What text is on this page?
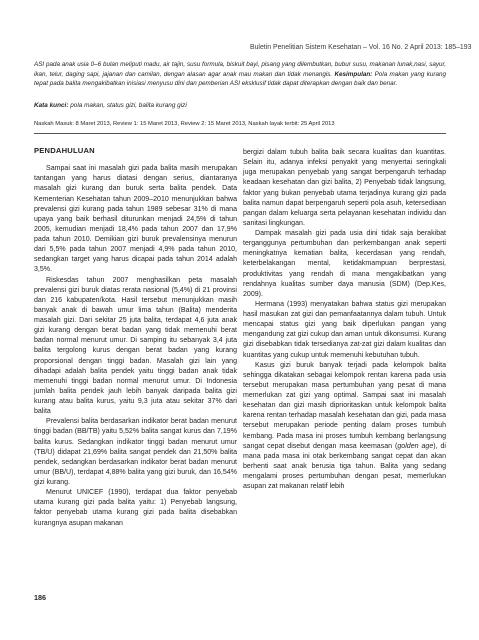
Buletin Penelitian Sistem Kesehatan – Vol. 16 No. 2 April 2013: 185–193

ASI pada anak usia 0–6 bulan meliputi madu, air tajin, susu formula, biskuit bayi, pisang yang dilembutkan, bubur susu, makanan lunak,nasi, sayur, ikan, telur, daging sapi, jajanan dan camilan, dengan alasan agar anak mau makan dan tidak menangis. Kesimpulan: Pola makan yang kurang tepat pada balita mengakibatkan inisiasi menyusu dini dan pemberian ASI eksklusif tidak dapat diterapkan dengan baik dan benar.

Kata kunci: pola makan, status gizi, balita kurang gizi
Naskah Masuk: 8 Maret 2013, Review 1: 15 Maret 2013, Review 2: 15 Maret 2013, Naskah layak terbit: 25 April 2013
PENDAHULUAN

Sampai saat ini masalah gizi pada balita masih merupakan tantangan yang harus diatasi dengan serius, diantaranya masalah gizi kurang dan buruk serta balita pendek. Data Kementerian Kesehatan tahun 2009–2010 menunjukkan bahwa prevalensi gizi kurang pada tahun 1989 sebesar 31% di mana upaya yang baik berhasil diturunkan menjadi 24,5% di tahun 2005, kemudian menjadi 18,4% pada tahun 2007 dan 17,9% pada tahun 2010. Demikian gizi buruk prevalensinya menurun dari 5,5% pada tahun 2007 menjadi 4,9% pada tahun 2010, sedangkan target yang harus dicapai pada tahun 2014 adalah 3,5%.

Riskesdas tahun 2007 menghasilkan peta masalah prevalensi gizi buruk diatas rerata nasional (5,4%) di 21 provinsi dan 216 kabupaten/kota. Hasil tersebut menunjukkan masih banyak anak di bawah umur lima tahun (Balita) menderita masalah gizi. Dari sekitar 25 juta balita, terdapat 4,6 juta anak gizi kurang dengan berat badan yang tidak memenuhi berat badan normal menurut umur. Di samping itu sebanyak 3,4 juta balita tergolong kurus dengan berat badan yang kurang proporsional dengan tinggi badan. Masalah gizi lain yang dihadapi adalah balita pendek yaitu tinggi badan anak tidak memenuhi tinggi badan normal menurut umur. Di Indonesia jumlah balita pendek jauh lebih banyak daripada balita gizi kurang atau balita kurus, yaitu 9,3 juta atau sekitar 37% dari balita

Prevalensi balita berdasarkan indikator berat badan menurut tinggi badan (BB/TB) yaitu 5,52% balita sangat kurus dan 7,19% balita kurus. Sedangkan indikator tinggi badan menurut umur (TB/U) didapat 21,69% balita sangat pendek dan 21,50% balita pendek, sedangkan berdasarkan indikator berat badan menurut umur (BB/U), terdapat 4,88% balita yang gizi buruk, dan 16,54% gizi kurang.

Menurut UNICEF (1990), terdapat dua faktor penyebab utama kurang gizi pada balita yaitu: 1) Penyebab langsung, faktor penyebab utama kurang gizi pada balita disebabkan kurangnya asupan makanan

bergizi dalam tubuh balita baik secara kualitas dan kuantitas. Selain itu, adanya infeksi penyakit yang menyertai seringkali juga merupakan penyebab yang sangat berpengaruh terhadap keadaan kesehatan dan gizi balita, 2) Penyebab tidak langsung, faktor yang bukan penyebab utama terjadinya kurang gizi pada balita namun dapat berpengaruh seperti pola asuh, ketersediaan pangan dalam keluarga serta pelayanan kesehatan individu dan sanitasi lingkungan.

Dampak masalah gizi pada usia dini tidak saja berakibat terganggunya pertumbuhan dan perkembangan anak seperti meningkatnya kematian balita, kecerdasan yang rendah, keterbelakangan mental, ketidakmampuan berprestasi, produktivitas yang rendah di mana mengakibatkan yang rendahnya kualitas sumber daya manusia (SDM) (Dep.Kes, 2009).

Hermana (1993) menyatakan bahwa status gizi merupakan hasil masukan zat gizi dan pemanfaatannya dalam tubuh. Untuk mencapai status gizi yang baik diperlukan pangan yang mengandung zat gizi cukup dan aman untuk dikonsumsi. Kurang gizi disebabkan tidak tersedianya zat-zat gizi dalam kualitas dan kuantitas yang cukup untuk memenuhi kebutuhan tubuh.

Kasus gizi buruk banyak terjadi pada kelompok balita sehingga dikatakan sebagai kelompok rentan karena pada usia tersebut merupakan masa pertumbuhan yang pesat di mana memerlukan zat gizi yang optimal. Sampai saat ini masalah kesehatan dan gizi masih diprioritaskan untuk kelompok balita karena rentan terhadap masalah kesehatan dan gizi, pada masa tersebut merupakan periode penting dalam proses tumbuh kembang. Pada masa ini proses tumbuh kembang berlangsung sangat cepat disebut dengan masa keemasan (golden age), di mana pada masa ini otak berkembang sangat cepat dan akan berhenti saat anak berusia tiga tahun. Balita yang sedang mengalami proses pertumbuhan dengan pesat, memerlukan asupan zat makanan relatif lebih

186
